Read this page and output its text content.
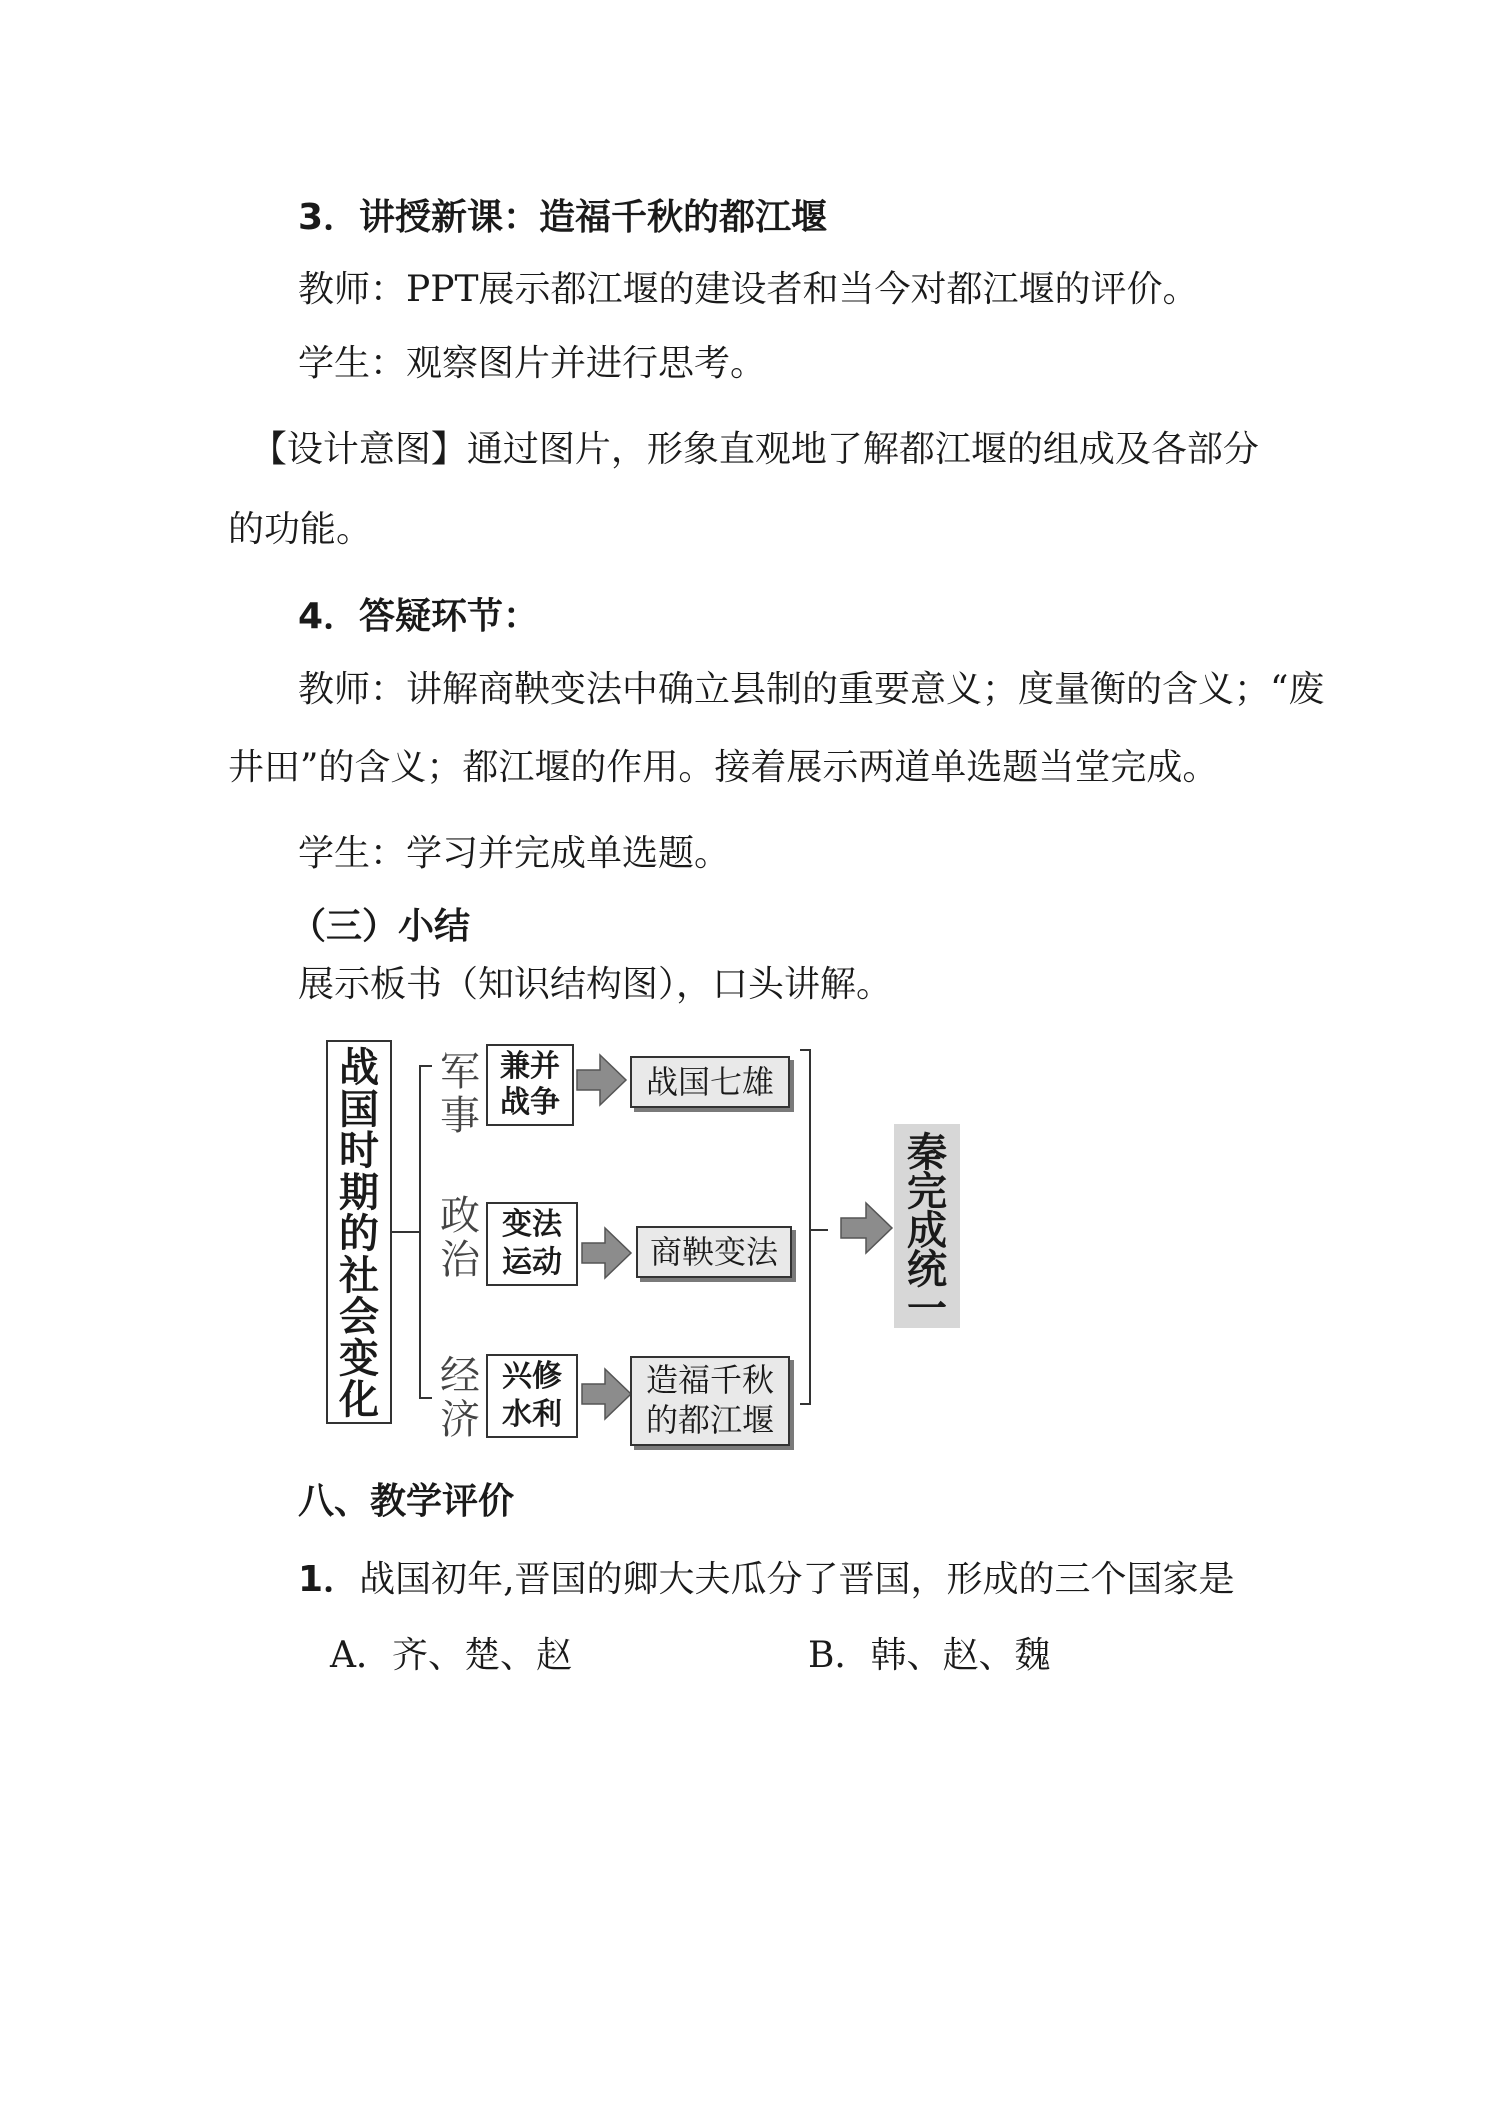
3．讲授新课：造福千秋的都江堰
教师：PPT展示都江堰的建设者和当今对都江堰的评价。
学生：观察图片并进行思考。
【设计意图】通过图片，形象直观地了解都江堰的组成及各部分
的功能。
4．答疑环节：
教师：讲解商鞅变法中确立县制的重要意义；度量衡的含义；“废
井田”的含义；都江堰的作用。接着展示两道单选题当堂完成。
学生：学习并完成单选题。
（三）小结
展示板书（知识结构图），口头讲解。
战国时期的社会变化
军事
兼并
战争
战国七雄
政治
变法
运动	商鞅变法
经济
兴修
水利
造福千秋
的都江堰
秦完成统一
八、教学评价
1．战国初年,晋国的卿大夫瓜分了晋国，形成的三个国家是
A．齐、楚、赵	B．韩、赵、魏
